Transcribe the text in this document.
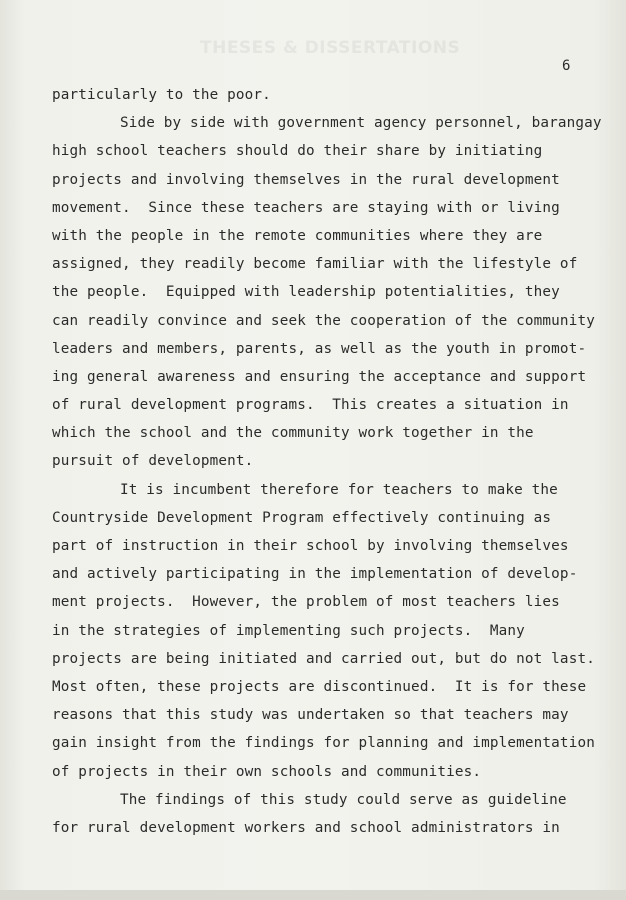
THESES & DISSERTATIONS
6
particularly to the poor.
Side by side with government agency personnel, barangay
high school teachers should do their share by initiating
projects and involving themselves in the rural development
movement.  Since these teachers are staying with or living
with the people in the remote communities where they are
assigned, they readily become familiar with the lifestyle of
the people.  Equipped with leadership potentialities, they
can readily convince and seek the cooperation of the community
leaders and members, parents, as well as the youth in promot-
ing general awareness and ensuring the acceptance and support
of rural development programs.  This creates a situation in
which the school and the community work together in the
pursuit of development.
It is incumbent therefore for teachers to make the
Countryside Development Program effectively continuing as
part of instruction in their school by involving themselves
and actively participating in the implementation of develop-
ment projects.  However, the problem of most teachers lies
in the strategies of implementing such projects.  Many
projects are being initiated and carried out, but do not last.
Most often, these projects are discontinued.  It is for these
reasons that this study was undertaken so that teachers may
gain insight from the findings for planning and implementation
of projects in their own schools and communities.
The findings of this study could serve as guideline
for rural development workers and school administrators in
